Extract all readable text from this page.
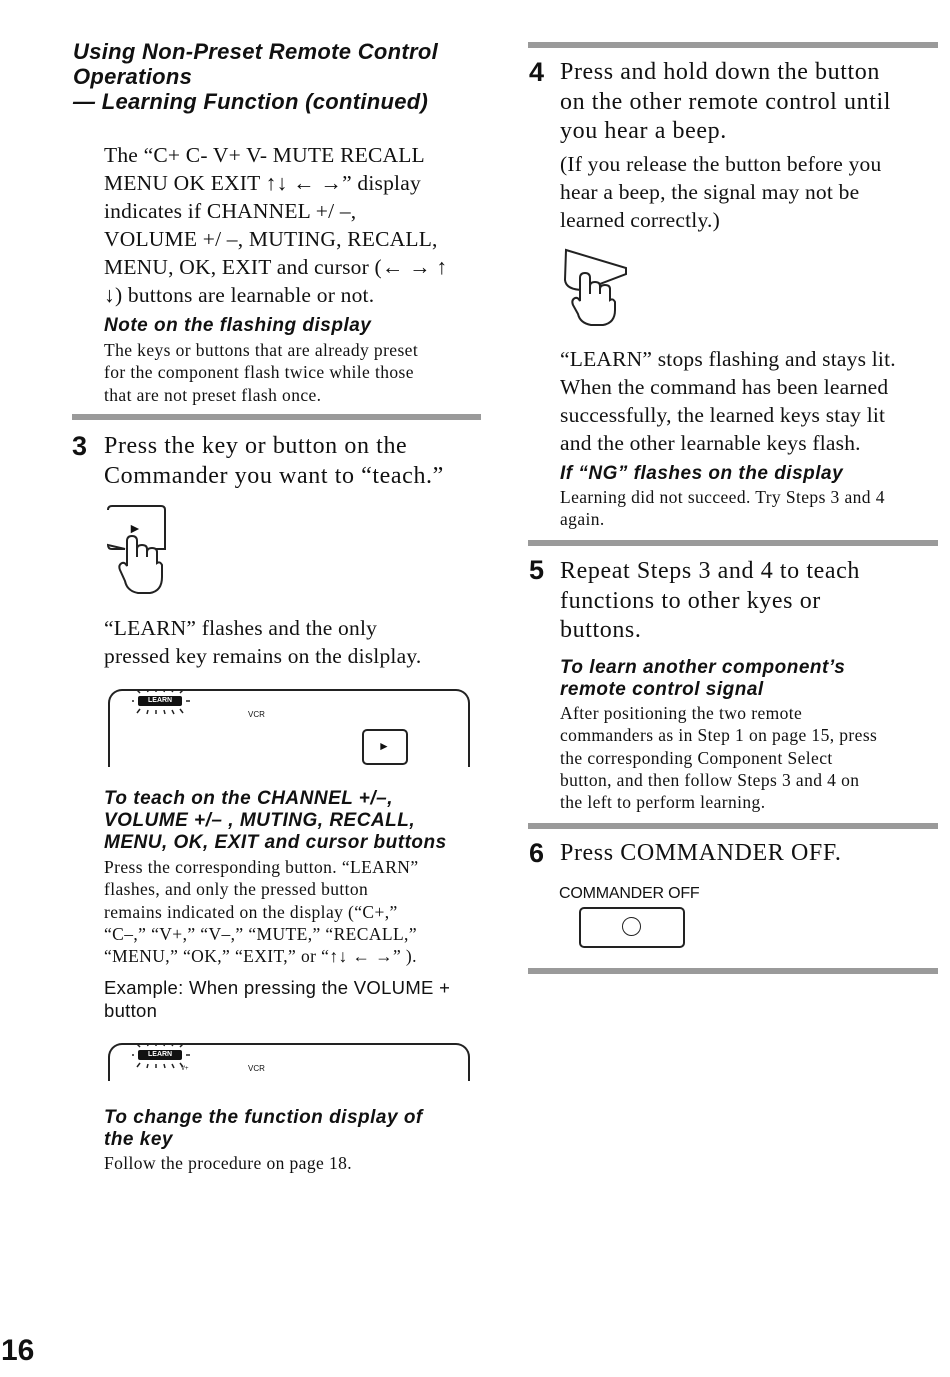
Using Non-Preset Remote Control
Operations
— Learning Function (continued)
The “C+ C- V+ V- MUTE RECALL
MENU OK EXIT ↑↓ ← →” display
indicates if CHANNEL +/ –,
VOLUME +/ –, MUTING, RECALL,
MENU, OK, EXIT and cursor (← → ↑
↓) buttons are learnable or not.
Note on the flashing display
The keys or buttons that are already preset
for the component flash twice while those
that are not preset flash once.
3 Press the key or button on the
Commander you want to “teach.”
►
“LEARN” flashes and the only
pressed key remains on the dislplay.
LEARN
VCR
►
To teach on the CHANNEL +/–,
VOLUME +/– , MUTING, RECALL,
MENU, OK, EXIT and cursor buttons
Press the corresponding button. “LEARN”
flashes, and only the pressed button
remains indicated on the display (“C+,”
“C–,” “V+,” “V–,” “MUTE,” “RECALL,”
“MENU,” “OK,” “EXIT,” or “↑↓ ← →” ).
Example: When pressing the VOLUME +
button
LEARN
V+	VCR
To change the function display of
the key
Follow the procedure on page 18.
16
4 Press and hold down the button
on the other remote control until
you hear a beep.
(If you release the button before you
hear a beep, the signal may not be
learned correctly.)
“LEARN” stops flashing and stays lit.
When the command has been learned
successfully, the learned keys stay lit
and the other learnable keys flash.
If “NG” flashes on the display
Learning did not succeed. Try Steps 3 and 4
again.
5 Repeat Steps 3 and 4 to teach
functions to other kyes or
buttons.
To learn another component’s
remote control signal
After positioning the two remote
commanders as in Step 1 on page 15, press
the corresponding Component Select
button, and then follow Steps 3 and 4 on
the left to perform learning.
6 Press COMMANDER OFF.
COMMANDER OFF
